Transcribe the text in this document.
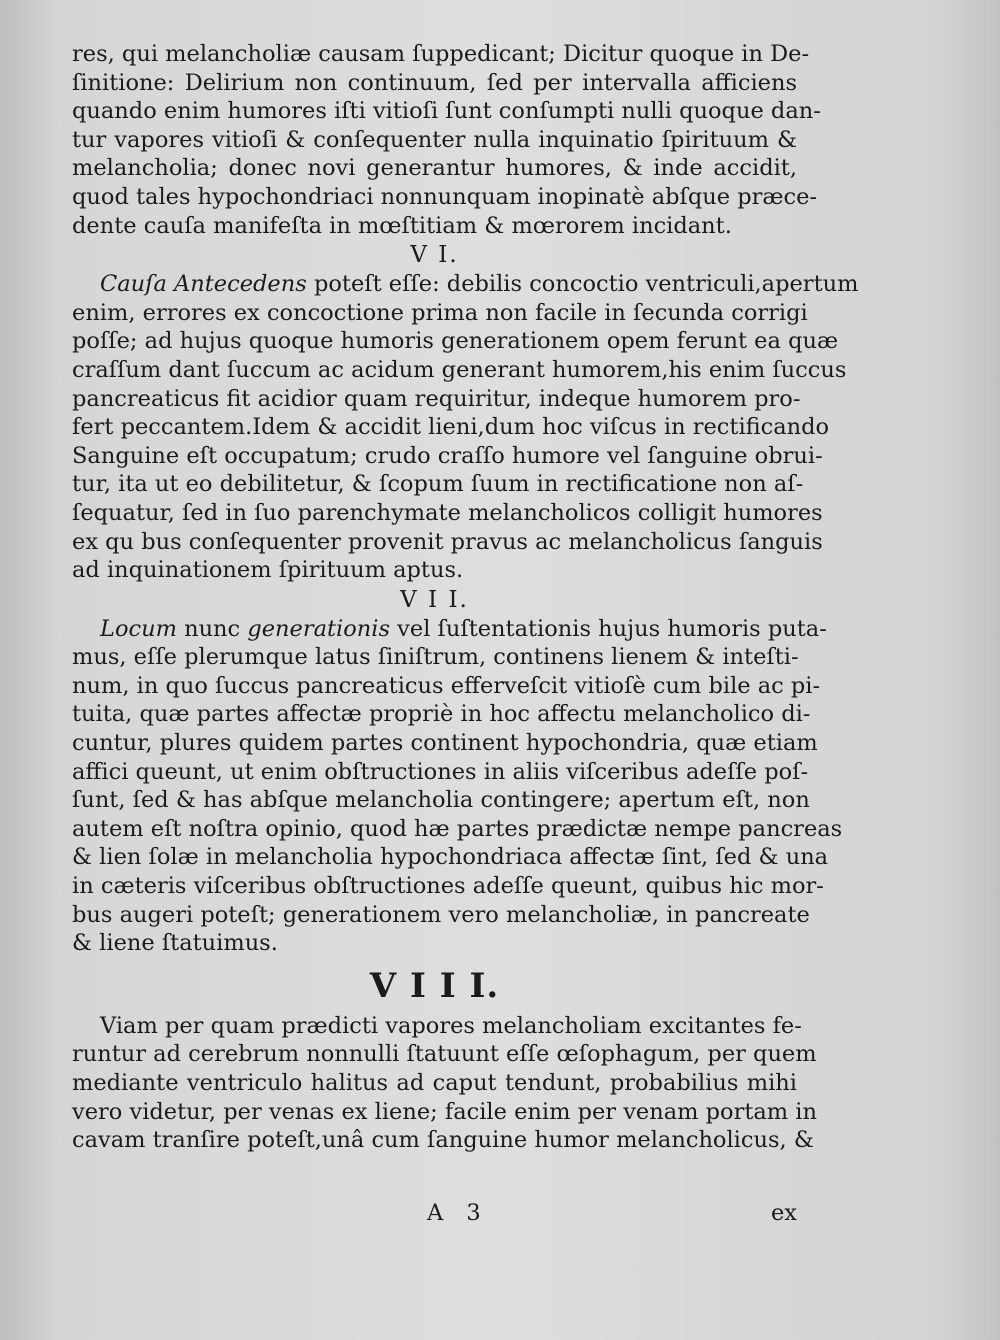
res, qui melancholiæ causam ſuppedicant; Dicitur quoque in De-
ſinitione: Delirium non continuum, ſed per intervalla afficiens
quando enim humores iſti vitioſi ſunt conſumpti nulli quoque dan-
tur vapores vitioſi & conſequenter nulla inquinatio ſpirituum &
melancholia; donec novi generantur humores, & inde accidit,
quod tales hypochondriaci nonnunquam inopinatè abſque præce-
dente cauſa manifeſta in mœſtitiam & mœrorem incidant.
V I.
Cauſa Antecedens poteſt eſſe: debilis concoctio ventriculi,apertum
enim, errores ex concoctione prima non facile in ſecunda corrigi
poſſe; ad hujus quoque humoris generationem opem ferunt ea quæ
craſſum dant ſuccum ac acidum generant humorem,his enim ſuccus
pancreaticus fit acidior quam requiritur, indeque humorem pro-
fert peccantem.Idem & accidit lieni,dum hoc viſcus in rectificando
Sanguine eſt occupatum; crudo craſſo humore vel ſanguine obrui-
tur, ita ut eo debilitetur, & ſcopum ſuum in rectificatione non aſ-
ſequatur, ſed in ſuo parenchymate melancholicos colligit humores
ex qu bus conſequenter provenit pravus ac melancholicus ſanguis
ad inquinationem ſpirituum aptus.
V I I.
Locum nunc generationis vel ſuſtentationis hujus humoris puta-
mus, eſſe plerumque latus ſiniſtrum, continens lienem & inteſti-
num, in quo ſuccus pancreaticus efferveſcit vitioſè cum bile ac pi-
tuita, quæ partes affectæ propriè in hoc affectu melancholico di-
cuntur, plures quidem partes continent hypochondria, quæ etiam
affici queunt, ut enim obſtructiones in aliis viſceribus adeſſe poſ-
ſunt, ſed & has abſque melancholia contingere; apertum eſt, non
autem eſt noſtra opinio, quod hæ partes prædictæ nempe pancreas
& lien ſolæ in melancholia hypochondriaca affectæ ſint, ſed & una
in cæteris viſceribus obſtructiones adeſſe queunt, quibus hic mor-
bus augeri poteſt; generationem vero melancholiæ, in pancreate
& liene ſtatuimus.
V I I I.
Viam per quam prædicti vapores melancholiam excitantes fe-
runtur ad cerebrum nonnulli ſtatuunt eſſe œſophagum, per quem
mediante ventriculo halitus ad caput tendunt, probabilius mihi
vero videtur, per venas ex liene; facile enim per venam portam in
cavam tranſire poteſt,unâ cum ſanguine humor melancholicus, &
A 3	ex
